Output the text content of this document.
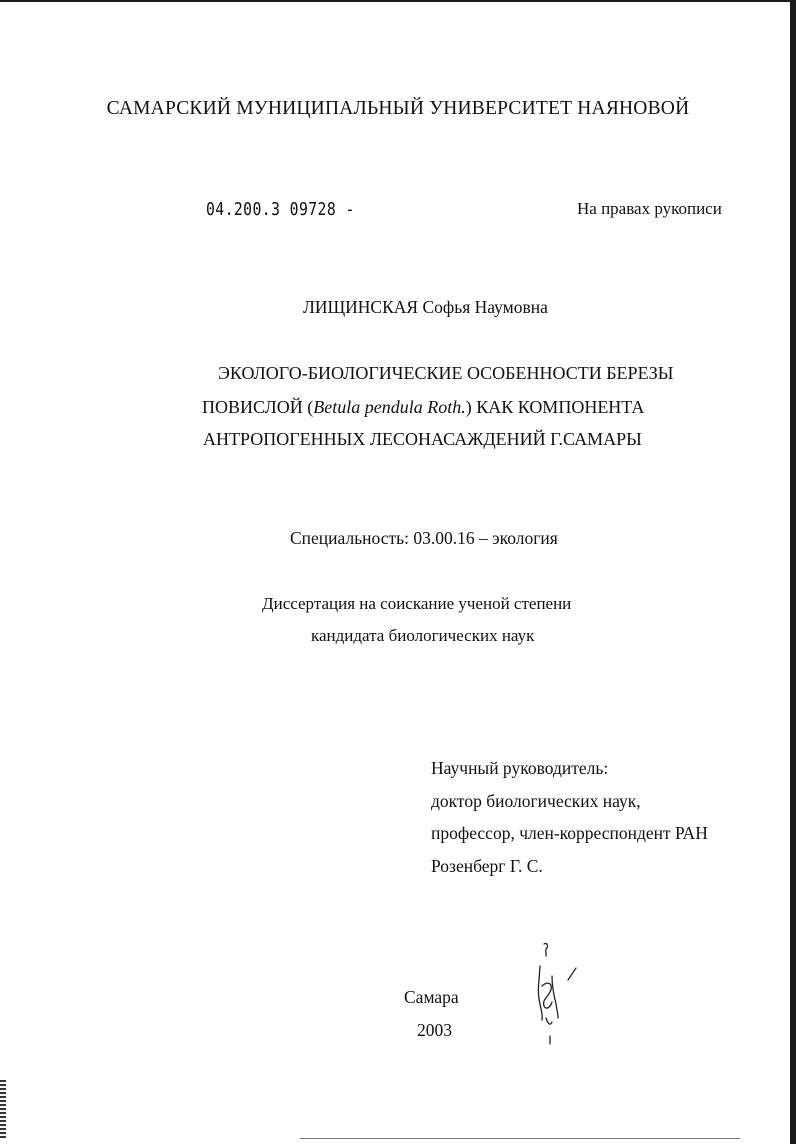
САМАРСКИЙ МУНИЦИПАЛЬНЫЙ УНИВЕРСИТЕТ НАЯНОВОЙ
04.200.3 09728 -	На правах рукописи
ЛИЩИНСКАЯ Софья Наумовна
ЭКОЛОГО-БИОЛОГИЧЕСКИЕ ОСОБЕННОСТИ БЕРЕЗЫ
ПОВИСЛОЙ (Betula pendula Roth.) КАК КОМПОНЕНТА
АНТРОПОГЕННЫХ ЛЕСОНАСАЖДЕНИЙ Г.САМАРЫ
Специальность: 03.00.16 – экология
Диссертация на соискание ученой степени
кандидата биологических наук
Научный руководитель:
доктор биологических наук,
профессор, член-корреспондент РАН
Розенберг Г. С.
Самара
2003
